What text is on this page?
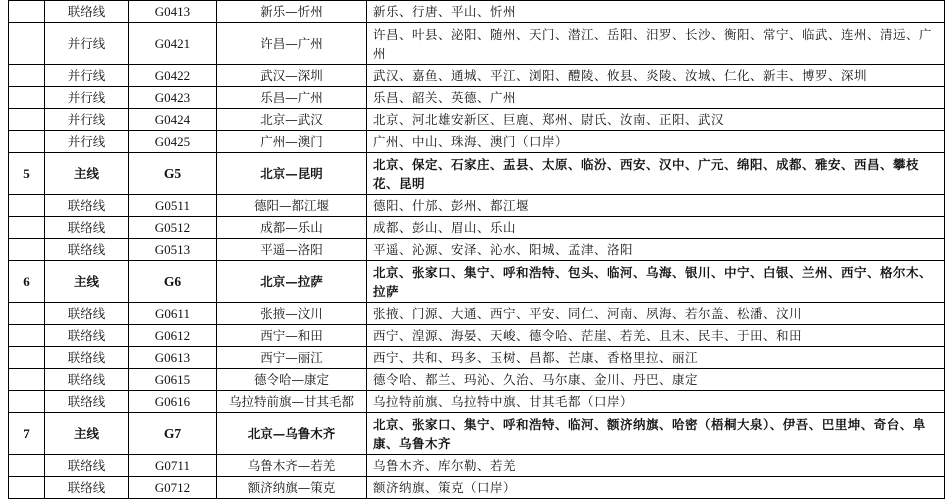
	联络线	G0413	新乐—忻州	新乐、行唐、平山、忻州
	并行线	G0421	许昌—广州	许昌、叶县、泌阳、随州、天门、潜江、岳阳、汨罗、长沙、衡阳、常宁、临武、连州、清远、广州
	并行线	G0422	武汉—深圳	武汉、嘉鱼、通城、平江、浏阳、醴陵、攸县、炎陵、汝城、仁化、新丰、博罗、深圳
	并行线	G0423	乐昌—广州	乐昌、韶关、英德、广州
	并行线	G0424	北京—武汉	北京、河北雄安新区、巨鹿、郑州、尉氏、汝南、正阳、武汉
	并行线	G0425	广州—澳门	广州、中山、珠海、澳门（口岸）
5	主线	G5	北京—昆明	北京、保定、石家庄、盂县、太原、临汾、西安、汉中、广元、绵阳、成都、雅安、西昌、攀枝花、昆明
	联络线	G0511	德阳—都江堰	德阳、什邡、彭州、都江堰
	联络线	G0512	成都—乐山	成都、彭山、眉山、乐山
	联络线	G0513	平遥—洛阳	平遥、沁源、安泽、沁水、阳城、孟津、洛阳
6	主线	G6	北京—拉萨	北京、张家口、集宁、呼和浩特、包头、临河、乌海、银川、中宁、白银、兰州、西宁、格尔木、拉萨
	联络线	G0611	张掖—汶川	张掖、门源、大通、西宁、平安、同仁、河南、夙海、若尔盖、松潘、汶川
	联络线	G0612	西宁—和田	西宁、湟源、海晏、天峻、德令哈、茫崖、若羌、且末、民丰、于田、和田
	联络线	G0613	西宁—丽江	西宁、共和、玛多、玉树、昌都、芒康、香格里拉、丽江
	联络线	G0615	德令哈—康定	德令哈、都兰、玛沁、久治、马尔康、金川、丹巴、康定
	联络线	G0616	乌拉特前旗—甘其毛都	乌拉特前旗、乌拉特中旗、甘其毛都（口岸）
7	主线	G7	北京—乌鲁木齐	北京、张家口、集宁、呼和浩特、临河、额济纳旗、哈密（梧桐大泉）、伊吾、巴里坤、奇台、阜康、乌鲁木齐
	联络线	G0711	乌鲁木齐—若羌	乌鲁木齐、库尔勒、若羌
	联络线	G0712	额济纳旗—策克	额济纳旗、策克（口岸）
